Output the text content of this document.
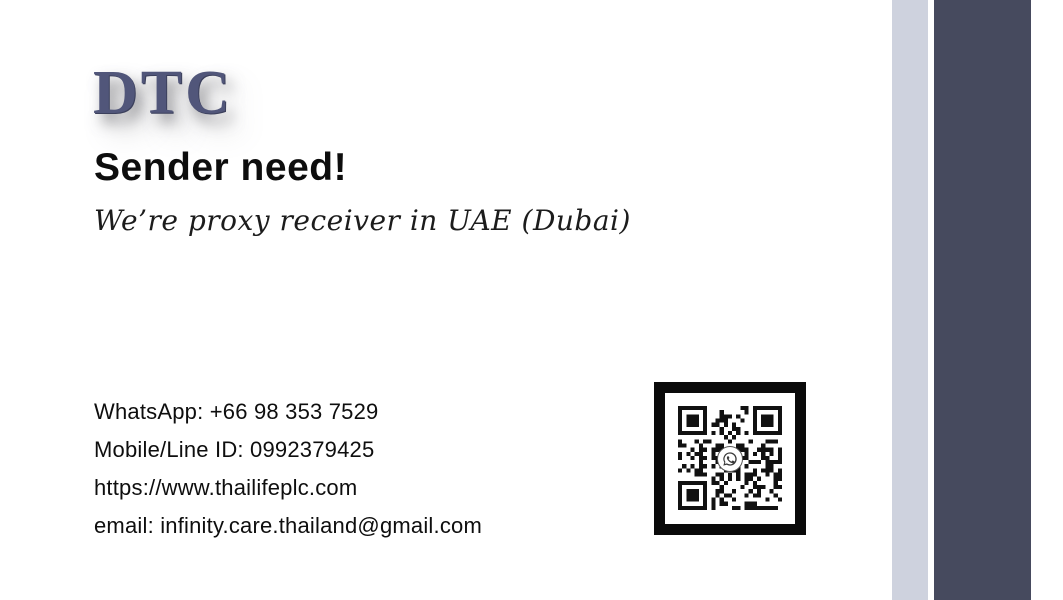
DTC
Sender need!
We’re proxy receiver in UAE (Dubai)
WhatsApp: +66 98 353 7529
Mobile/Line ID: 0992379425
https://www.thailifeplc.com
email: infinity.care.thailand@gmail.com
